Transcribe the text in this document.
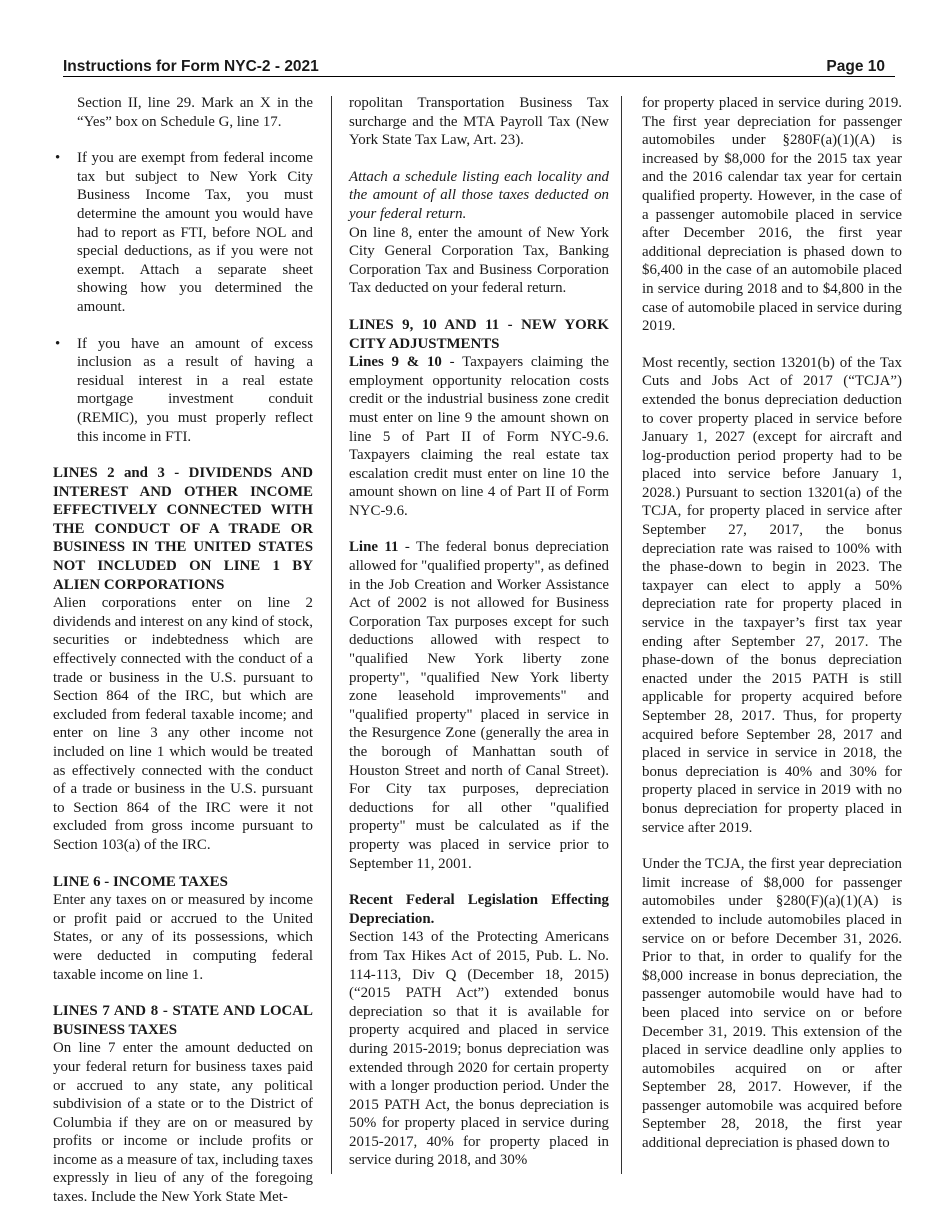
Instructions for Form NYC-2 - 2021	Page 10

Section II, line 29. Mark an X in the “Yes” box on Schedule G, line 17.

• If you are exempt from federal income tax but subject to New York City Business Income Tax, you must determine the amount you would have had to report as FTI, before NOL and special deductions, as if you were not exempt. Attach a separate sheet showing how you determined the amount.
• If you have an amount of excess inclusion as a result of having a residual interest in a real estate mortgage investment conduit (REMIC), you must properly reflect this income in FTI.
LINES 2 and 3 - DIVIDENDS AND INTEREST AND OTHER INCOME EFFECTIVELY CONNECTED WITH THE CONDUCT OF A TRADE OR BUSINESS IN THE UNITED STATES NOT INCLUDED ON LINE 1 BY ALIEN CORPORATIONS

Alien corporations enter on line 2 dividends and interest on any kind of stock, securities or indebtedness which are effectively connected with the conduct of a trade or business in the U.S. pursuant to Section 864 of the IRC, but which are excluded from federal taxable income; and enter on line 3 any other income not included on line 1 which would be treated as effectively connected with the conduct of a trade or business in the U.S. pursuant to Section 864 of the IRC were it not excluded from gross income pursuant to Section 103(a) of the IRC.

LINE 6 - INCOME TAXES

Enter any taxes on or measured by income or profit paid or accrued to the United States, or any of its possessions, which were deducted in computing federal taxable income on line 1.

LINES 7 AND 8 - STATE AND LOCAL BUSINESS TAXES

On line 7 enter the amount deducted on your federal return for business taxes paid or accrued to any state, any political subdivision of a state or to the District of Columbia if they are on or measured by profits or income or include profits or income as a measure of tax, including taxes expressly in lieu of any of the foregoing taxes. Include the New York State Met-

ropolitan Transportation Business Tax surcharge and the MTA Payroll Tax (New York State Tax Law, Art. 23).

Attach a schedule listing each locality and the amount of all those taxes deducted on your federal return.

On line 8, enter the amount of New York City General Corporation Tax, Banking Corporation Tax and Business Corporation Tax deducted on your federal return.

LINES 9, 10 AND 11 - NEW YORK CITY ADJUSTMENTS

Lines 9 & 10 - Taxpayers claiming the employment opportunity relocation costs credit or the industrial business zone credit must enter on line 9 the amount shown on line 5 of Part II of Form NYC-9.6. Taxpayers claiming the real estate tax escalation credit must enter on line 10 the amount shown on line 4 of Part II of Form NYC-9.6.

Line 11 - The federal bonus depreciation allowed for "qualified property", as defined in the Job Creation and Worker Assistance Act of 2002 is not allowed for Business Corporation Tax purposes except for such deductions allowed with respect to "qualified New York liberty zone property", "qualified New York liberty zone leasehold improvements" and "qualified property" placed in service in the Resurgence Zone (generally the area in the borough of Manhattan south of Houston Street and north of Canal Street). For City tax purposes, depreciation deductions for all other "qualified property" must be calculated as if the property was placed in service prior to September 11, 2001.

Recent Federal Legislation Effecting Depreciation.

Section 143 of the Protecting Americans from Tax Hikes Act of 2015, Pub. L. No. 114-113, Div Q (December 18, 2015) (“2015 PATH Act”) extended bonus depreciation so that it is available for property acquired and placed in service during 2015-2019; bonus depreciation was extended through 2020 for certain property with a longer production period. Under the 2015 PATH Act, the bonus depreciation is 50% for property placed in service during 2015-2017, 40% for property placed in service during 2018, and 30%

for property placed in service during 2019. The first year depreciation for passenger automobiles under §280F(a)(1)(A) is increased by $8,000 for the 2015 tax year and the 2016 calendar tax year for certain qualified property. However, in the case of a passenger automobile placed in service after December 2016, the first year additional depreciation is phased down to $6,400 in the case of an automobile placed in service during 2018 and to $4,800 in the case of automobile placed in service during 2019.

Most recently, section 13201(b) of the Tax Cuts and Jobs Act of 2017 (“TCJA”) extended the bonus depreciation deduction to cover property placed in service before January 1, 2027 (except for aircraft and log-production period property had to be placed into service before January 1, 2028.) Pursuant to section 13201(a) of the TCJA, for property placed in service after September 27, 2017, the bonus depreciation rate was raised to 100% with the phase-down to begin in 2023. The taxpayer can elect to apply a 50% depreciation rate for property placed in service in the taxpayer’s first tax year ending after September 27, 2017. The phase-down of the bonus depreciation enacted under the 2015 PATH is still applicable for property acquired before September 28, 2017. Thus, for property acquired before September 28, 2017 and placed in service in service in 2018, the bonus depreciation is 40% and 30% for property placed in service in 2019 with no bonus depreciation for property placed in service after 2019.

Under the TCJA, the first year depreciation limit increase of $8,000 for passenger automobiles under §280(F)(a)(1)(A) is extended to include automobiles placed in service on or before December 31, 2026. Prior to that, in order to qualify for the $8,000 increase in bonus depreciation, the passenger automobile would have had to been placed into service on or before December 31, 2019. This extension of the placed in service deadline only applies to automobiles acquired on or after September 28, 2017. However, if the passenger automobile was acquired before September 28, 2018, the first year additional depreciation is phased down to
